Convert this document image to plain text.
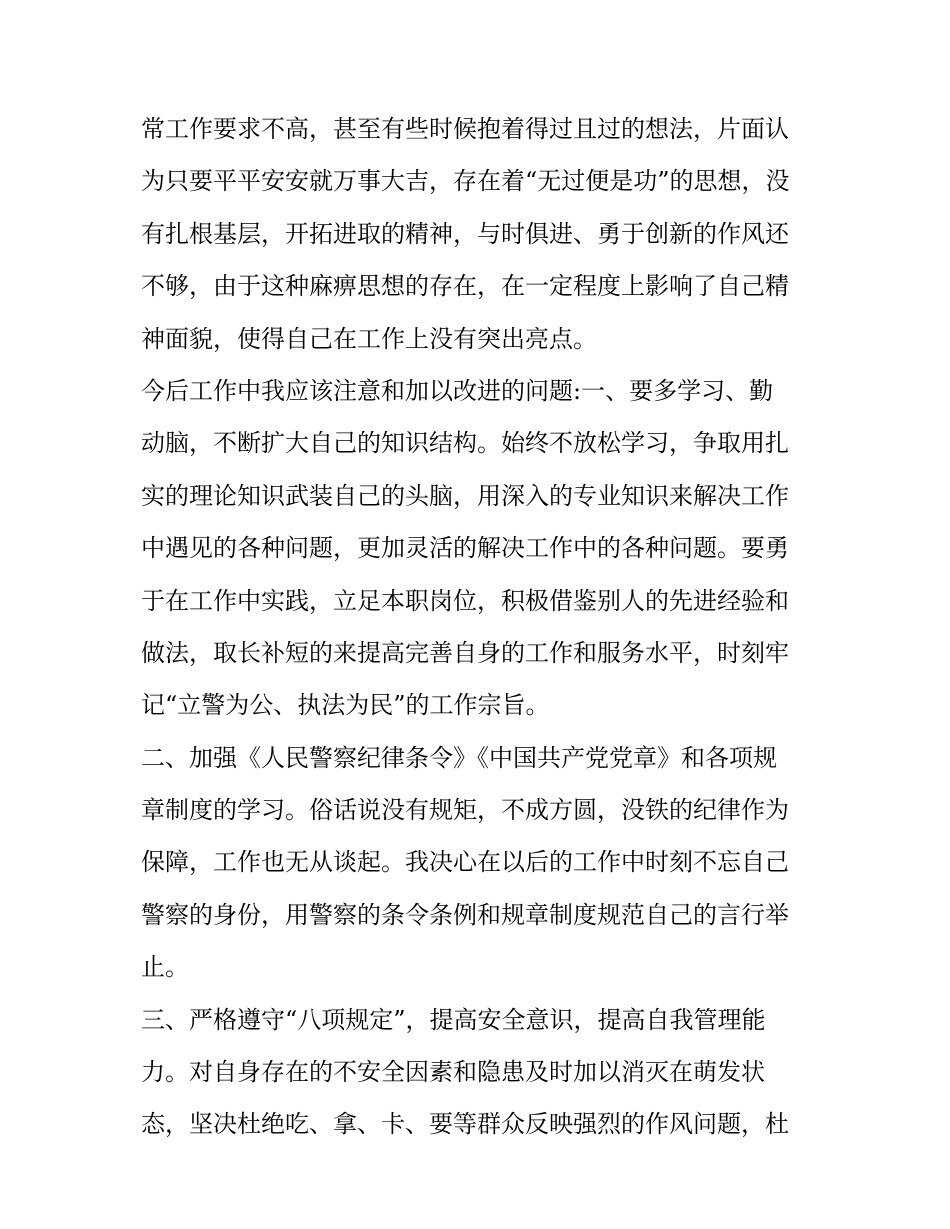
常工作要求不高，甚至有些时候抱着得过且过的想法，片面认
为只要平平安安就万事大吉，存在着“无过便是功”的思想，没
有扎根基层，开拓进取的精神，与时俱进、勇于创新的作风还
不够，由于这种麻痹思想的存在，在一定程度上影响了自己精
神面貌，使得自己在工作上没有突出亮点。
今后工作中我应该注意和加以改进的问题:一、要多学习、勤
动脑，不断扩大自己的知识结构。始终不放松学习，争取用扎
实的理论知识武装自己的头脑，用深入的专业知识来解决工作
中遇见的各种问题，更加灵活的解决工作中的各种问题。要勇
于在工作中实践，立足本职岗位，积极借鉴别人的先进经验和
做法，取长补短的来提高完善自身的工作和服务水平，时刻牢
记“立警为公、执法为民”的工作宗旨。
二、加强《人民警察纪律条令》《中国共产党党章》和各项规
章制度的学习。俗话说没有规矩，不成方圆，没铁的纪律作为
保障，工作也无从谈起。我决心在以后的工作中时刻不忘自己
警察的身份，用警察的条令条例和规章制度规范自己的言行举
止。
三、严格遵守“八项规定”，提高安全意识，提高自我管理能
力。对自身存在的不安全因素和隐患及时加以消灭在萌发状
态，坚决杜绝吃、拿、卡、要等群众反映强烈的作风问题，杜
